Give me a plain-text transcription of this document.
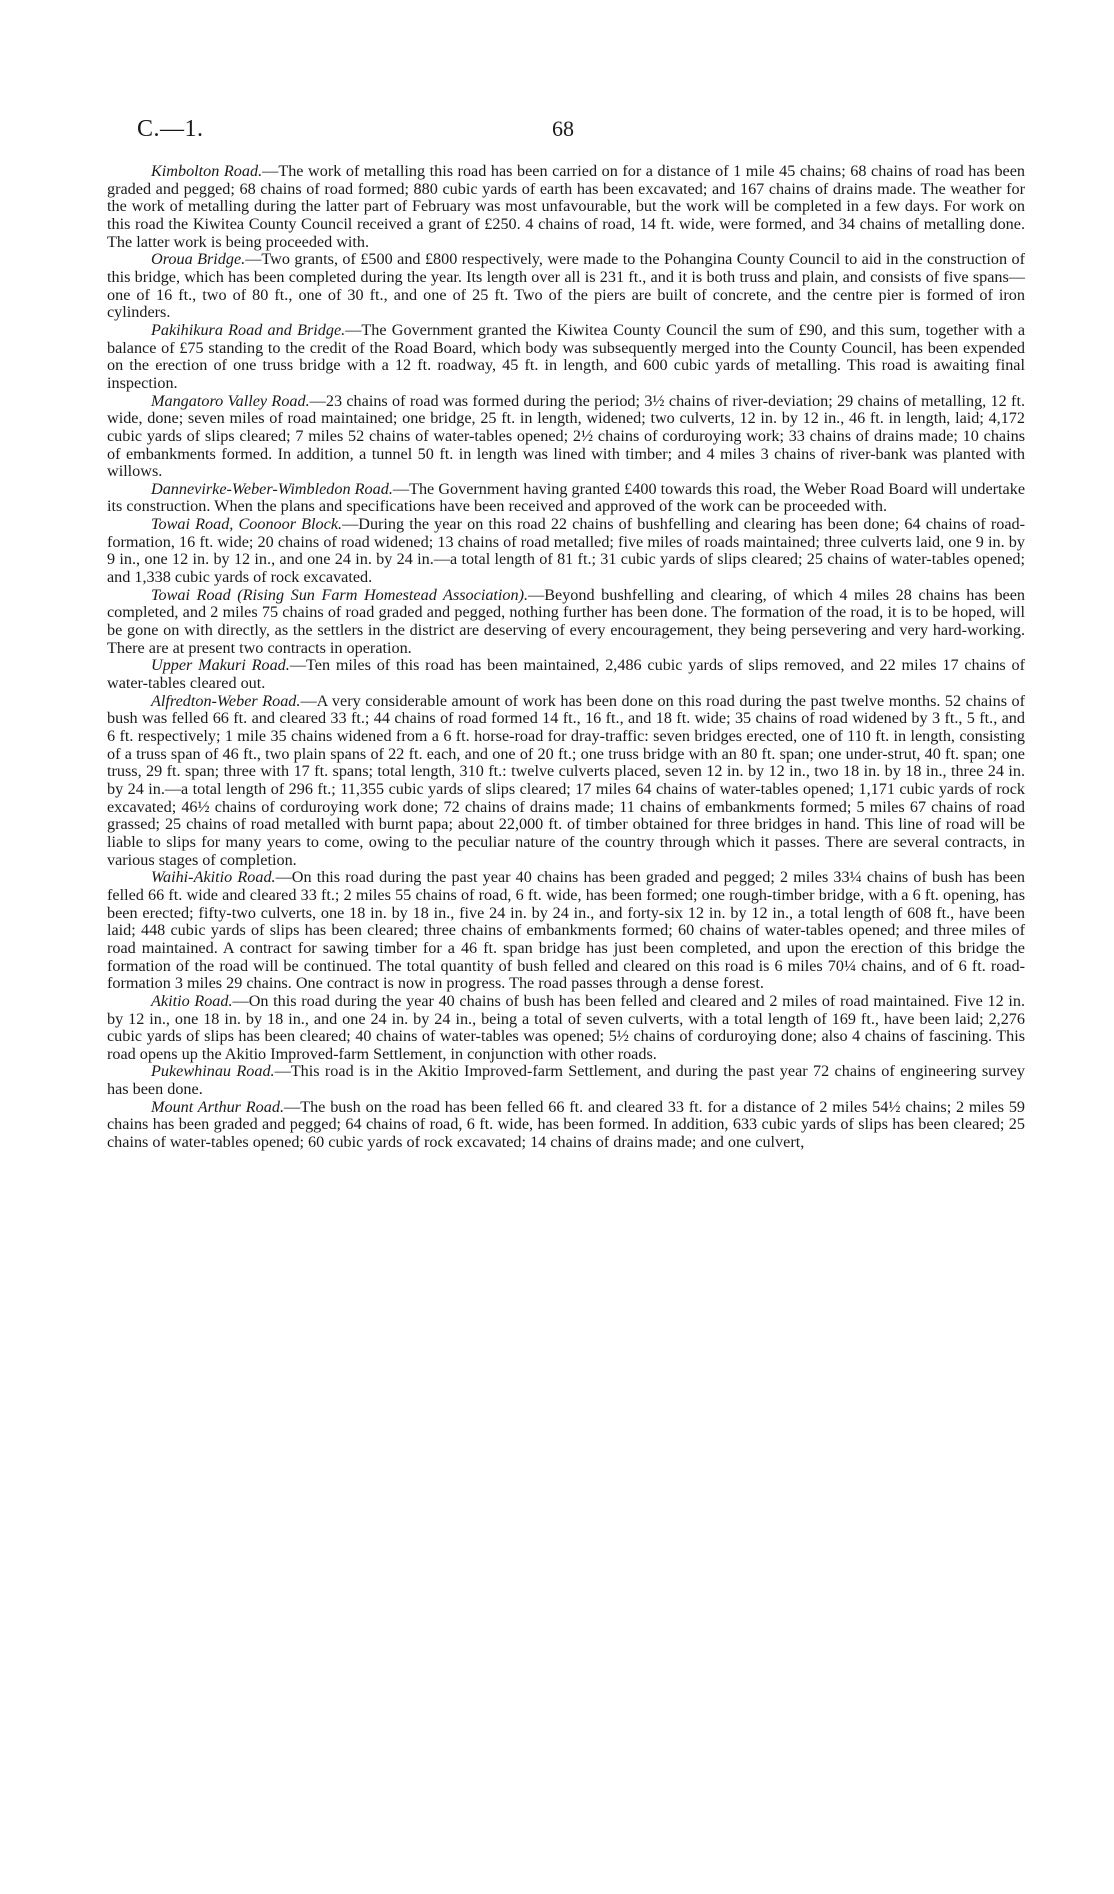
C.—1.	68

Kimbolton Road.—The work of metalling this road has been carried on for a distance of 1 mile 45 chains; 68 chains of road has been graded and pegged; 68 chains of road formed; 880 cubic yards of earth has been excavated; and 167 chains of drains made. The weather for the work of metalling during the latter part of February was most unfavourable, but the work will be completed in a few days. For work on this road the Kiwitea County Council received a grant of £250. 4 chains of road, 14 ft. wide, were formed, and 34 chains of metalling done. The latter work is being proceeded with.

Oroua Bridge.—Two grants, of £500 and £800 respectively, were made to the Pohangina County Council to aid in the construction of this bridge, which has been completed during the year. Its length over all is 231 ft., and it is both truss and plain, and consists of five spans—one of 16 ft., two of 80 ft., one of 30 ft., and one of 25 ft. Two of the piers are built of concrete, and the centre pier is formed of iron cylinders.

Pakihikura Road and Bridge.—The Government granted the Kiwitea County Council the sum of £90, and this sum, together with a balance of £75 standing to the credit of the Road Board, which body was subsequently merged into the County Council, has been expended on the erection of one truss bridge with a 12 ft. roadway, 45 ft. in length, and 600 cubic yards of metalling. This road is awaiting final inspection.

Mangatoro Valley Road.—23 chains of road was formed during the period; 3½ chains of river-deviation; 29 chains of metalling, 12 ft. wide, done; seven miles of road maintained; one bridge, 25 ft. in length, widened; two culverts, 12 in. by 12 in., 46 ft. in length, laid; 4,172 cubic yards of slips cleared; 7 miles 52 chains of water-tables opened; 2½ chains of corduroying work; 33 chains of drains made; 10 chains of embankments formed. In addition, a tunnel 50 ft. in length was lined with timber; and 4 miles 3 chains of river-bank was planted with willows.

Dannevirke-Weber-Wimbledon Road.—The Government having granted £400 towards this road, the Weber Road Board will undertake its construction. When the plans and specifications have been received and approved of the work can be proceeded with.

Towai Road, Coonoor Block.—During the year on this road 22 chains of bushfelling and clearing has been done; 64 chains of road-formation, 16 ft. wide; 20 chains of road widened; 13 chains of road metalled; five miles of roads maintained; three culverts laid, one 9 in. by 9 in., one 12 in. by 12 in., and one 24 in. by 24 in.—a total length of 81 ft.; 31 cubic yards of slips cleared; 25 chains of water-tables opened; and 1,338 cubic yards of rock excavated.

Towai Road (Rising Sun Farm Homestead Association).—Beyond bushfelling and clearing, of which 4 miles 28 chains has been completed, and 2 miles 75 chains of road graded and pegged, nothing further has been done. The formation of the road, it is to be hoped, will be gone on with directly, as the settlers in the district are deserving of every encouragement, they being persevering and very hard-working. There are at present two contracts in operation.

Upper Makuri Road.—Ten miles of this road has been maintained, 2,486 cubic yards of slips removed, and 22 miles 17 chains of water-tables cleared out.

Alfredton-Weber Road.—A very considerable amount of work has been done on this road during the past twelve months. 52 chains of bush was felled 66 ft. and cleared 33 ft.; 44 chains of road formed 14 ft., 16 ft., and 18 ft. wide; 35 chains of road widened by 3 ft., 5 ft., and 6 ft. respectively; 1 mile 35 chains widened from a 6 ft. horse-road for dray-traffic: seven bridges erected, one of 110 ft. in length, consisting of a truss span of 46 ft., two plain spans of 22 ft. each, and one of 20 ft.; one truss bridge with an 80 ft. span; one under-strut, 40 ft. span; one truss, 29 ft. span; three with 17 ft. spans; total length, 310 ft.: twelve culverts placed, seven 12 in. by 12 in., two 18 in. by 18 in., three 24 in. by 24 in.—a total length of 296 ft.; 11,355 cubic yards of slips cleared; 17 miles 64 chains of water-tables opened; 1,171 cubic yards of rock excavated; 46½ chains of corduroying work done; 72 chains of drains made; 11 chains of embankments formed; 5 miles 67 chains of road grassed; 25 chains of road metalled with burnt papa; about 22,000 ft. of timber obtained for three bridges in hand. This line of road will be liable to slips for many years to come, owing to the peculiar nature of the country through which it passes. There are several contracts, in various stages of completion.

Waihi-Akitio Road.—On this road during the past year 40 chains has been graded and pegged; 2 miles 33¼ chains of bush has been felled 66 ft. wide and cleared 33 ft.; 2 miles 55 chains of road, 6 ft. wide, has been formed; one rough-timber bridge, with a 6 ft. opening, has been erected; fifty-two culverts, one 18 in. by 18 in., five 24 in. by 24 in., and forty-six 12 in. by 12 in., a total length of 608 ft., have been laid; 448 cubic yards of slips has been cleared; three chains of embankments formed; 60 chains of water-tables opened; and three miles of road maintained. A contract for sawing timber for a 46 ft. span bridge has just been completed, and upon the erection of this bridge the formation of the road will be continued. The total quantity of bush felled and cleared on this road is 6 miles 70¼ chains, and of 6 ft. road-formation 3 miles 29 chains. One contract is now in progress. The road passes through a dense forest.

Akitio Road.—On this road during the year 40 chains of bush has been felled and cleared and 2 miles of road maintained. Five 12 in. by 12 in., one 18 in. by 18 in., and one 24 in. by 24 in., being a total of seven culverts, with a total length of 169 ft., have been laid; 2,276 cubic yards of slips has been cleared; 40 chains of water-tables was opened; 5½ chains of corduroying done; also 4 chains of fascining. This road opens up the Akitio Improved-farm Settlement, in conjunction with other roads.

Pukewhinau Road.—This road is in the Akitio Improved-farm Settlement, and during the past year 72 chains of engineering survey has been done.

Mount Arthur Road.—The bush on the road has been felled 66 ft. and cleared 33 ft. for a distance of 2 miles 54½ chains; 2 miles 59 chains has been graded and pegged; 64 chains of road, 6 ft. wide, has been formed. In addition, 633 cubic yards of slips has been cleared; 25 chains of water-tables opened; 60 cubic yards of rock excavated; 14 chains of drains made; and one culvert,
